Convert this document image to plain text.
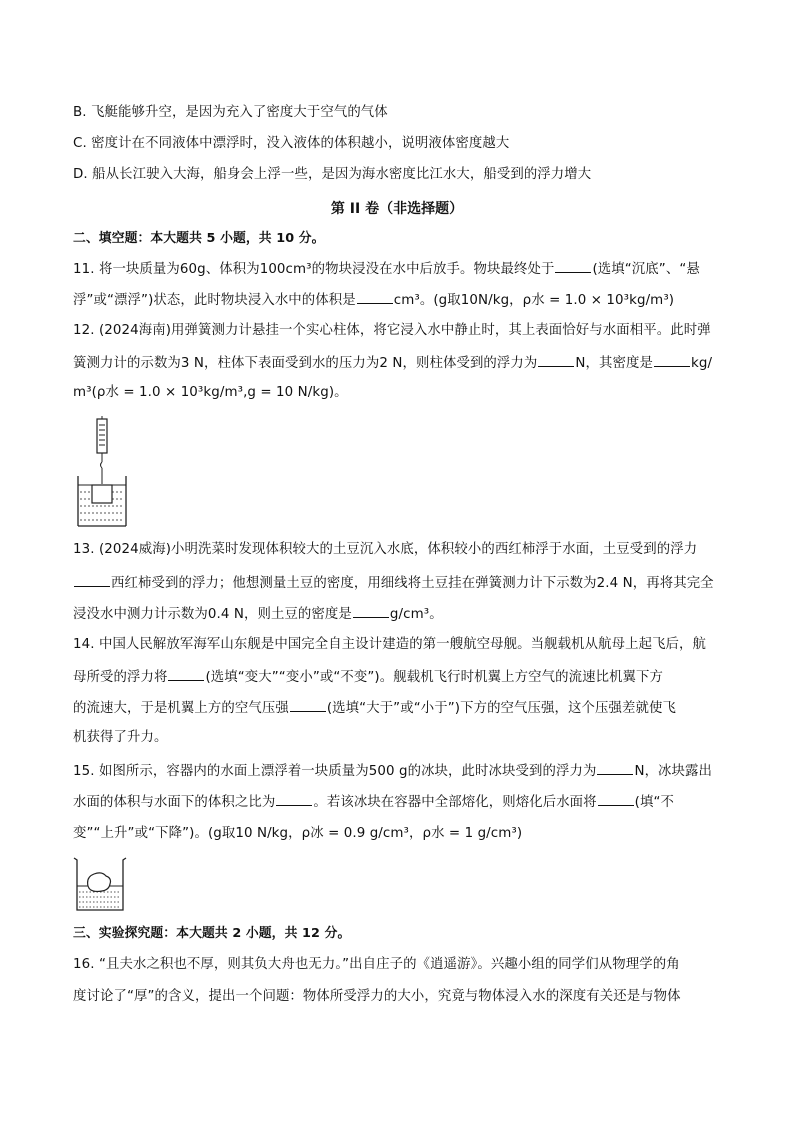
B. 飞艇能够升空，是因为充入了密度大于空气的气体
C. 密度计在不同液体中漂浮时，没入液体的体积越小，说明液体密度越大
D. 船从长江驶入大海，船身会上浮一些，是因为海水密度比江水大，船受到的浮力增大
第 II 卷（非选择题）
二、填空题：本大题共 5 小题，共 10 分。
11. 将一块质量为60g、体积为100cm³的物块浸没在水中后放手。物块最终处于	(选填“沉底”、“悬
浮”或“漂浮”)状态，此时物块浸入水中的体积是	cm³。(g取10N/kg，ρ水 = 1.0 × 10³kg/m³)
12. (2024海南)用弹簧测力计悬挂一个实心柱体，将它浸入水中静止时，其上表面恰好与水面相平。此时弹
簧测力计的示数为3 N，柱体下表面受到水的压力为2 N，则柱体受到的浮力为	N，其密度是	kg/
m³(ρ水 = 1.0 × 10³kg/m³,g = 10 N/kg)。
13. (2024威海)小明洗菜时发现体积较大的土豆沉入水底，体积较小的西红柿浮于水面，土豆受到的浮力
西红柿受到的浮力；他想测量土豆的密度，用细线将土豆挂在弹簧测力计下示数为2.4 N，再将其完全
浸没水中测力计示数为0.4 N，则土豆的密度是	g/cm³。
14. 中国人民解放军海军山东舰是中国完全自主设计建造的第一艘航空母舰。当舰载机从航母上起飞后，航
母所受的浮力将	(选填“变大”“变小”或“不变”)。舰载机飞行时机翼上方空气的流速比机翼下方
的流速大，于是机翼上方的空气压强	(选填“大于”或“小于”)下方的空气压强，这个压强差就使飞
机获得了升力。
15. 如图所示，容器内的水面上漂浮着一块质量为500 g的冰块，此时冰块受到的浮力为	N，冰块露出
水面的体积与水面下的体积之比为	。若该冰块在容器中全部熔化，则熔化后水面将	(填“不
变”“上升”或“下降”)。(g取10 N/kg，ρ冰 = 0.9 g/cm³，ρ水 = 1 g/cm³)
三、实验探究题：本大题共 2 小题，共 12 分。
16. “且夫水之积也不厚，则其负大舟也无力。”出自庄子的《逍遥游》。兴趣小组的同学们从物理学的角
度讨论了“厚”的含义，提出一个问题：物体所受浮力的大小，究竟与物体浸入水的深度有关还是与物体
